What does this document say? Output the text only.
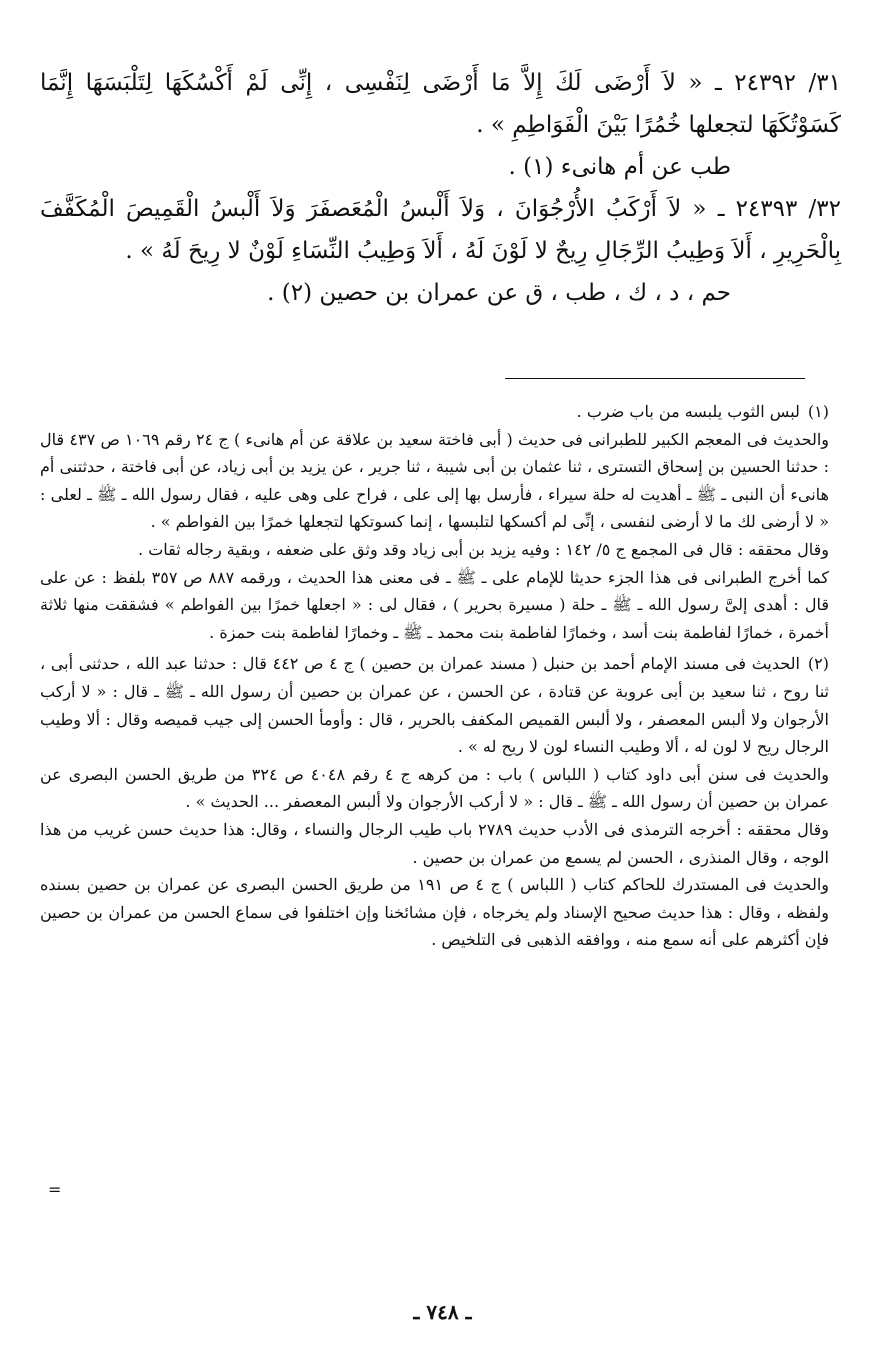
٣١/ ٢٤٣٩٢ ـ « لاَ أَرْضَى لَكَ إِلاَّ مَا أَرْضَى لِنَفْسِى ، إِنِّى لَمْ أَكْسُكَهَا لِتَلْبَسَهَا إِنَّمَا كَسَوْتُكَهَا لتجعلها خُمُرًا بَيْنَ الْفَوَاطِمِ » .

طب عن أم هانىء (١) .

٣٢/ ٢٤٣٩٣ ـ « لاَ أَرْكَبُ الأُرْجُوَانَ ، وَلاَ أَلْبسُ الْمُعَصفَرَ وَلاَ أَلْبسُ الْقَمِيصَ الْمُكَفَّفَ بِالْحَرِيرِ ، أَلاَ وَطِيبُ الرِّجَالِ رِيحٌ لا لَوْنَ لَهُ ، أَلاَ وَطِيبُ النِّسَاءِ لَوْنٌ لا رِيحَ لَهُ » .

حم ، د ، ك ، طب ، ق عن عمران بن حصين (٢) .

(١)لبس الثوب يلبسه من باب ضرب .

والحديث فى المعجم الكبير للطبرانى فى حديث ( أبى فاختة سعيد بن علاقة عن أم هانىء ) ج ٢٤ رقم ١٠٦٩ ص ٤٣٧ قال : حدثنا الحسين بن إسحاق التسترى ، ثنا عثمان بن أبى شيبة ، ثنا جرير ، عن يزيد بن أبى زياد، عن أبى فاختة ، حدثتنى أم هانىء أن النبى ـ ﷺ ـ أهديت له حلة سيراء ، فأرسل بها إلى على ، فراح على وهى عليه ، فقال رسول الله ـ ﷺ ـ لعلى : « لا أرضى لك ما لا أرضى لنفسى ، إنِّى لم أكسكها لتلبسها ، إنما كسوتكها لتجعلها خمرًا بين الفواطم » .

وقال محققه : قال فى المجمع ج ٥/ ١٤٢ : وفيه يزيد بن أبى زياد وقد وثق على ضعفه ، وبقية رجاله ثقات .

كما أخرج الطبرانى فى هذا الجزء حديثا للإمام على ـ ﷺ ـ فى معنى هذا الحديث ، ورقمه ٨٨٧ ص ٣٥٧ بلفظ : عن على قال : أهدى إلىَّ رسول الله ـ ﷺ ـ حلة ( مسيرة بحرير ) ، فقال لى : « اجعلها خمرًا بين الفواطم » فشققت منها ثلاثة أخمرة ، خمارًا لفاطمة بنت أسد ، وخمارًا لفاطمة بنت محمد ـ ﷺ ـ وخمارًا لفاطمة بنت حمزة .

(٢)الحديث فى مسند الإمام أحمد بن حنبل ( مسند عمران بن حصين ) ج ٤ ص ٤٤٢ قال : حدثنا عبد الله ، حدثنى أبى ، ثنا روح ، ثنا سعيد بن أبى عروبة عن قتادة ، عن الحسن ، عن عمران بن حصين أن رسول الله ـ ﷺ ـ قال : « لا أركب الأرجوان ولا ألبس المعصفر ، ولا ألبس القميص المكفف بالحرير ، قال : وأومأ الحسن إلى جيب قميصه وقال : ألا وطيب الرجال ريح لا لون له ، ألا وطيب النساء لون لا ريح له » .

والحديث فى سنن أبى داود كتاب ( اللباس ) باب : من كرهه ج ٤ رقم ٤٠٤٨ ص ٣٢٤ من طريق الحسن البصرى عن عمران بن حصين أن رسول الله ـ ﷺ ـ قال : « لا أركب الأرجوان ولا ألبس المعصفر ... الحديث » .

وقال محققه : أخرجه الترمذى فى الأدب حديث ٢٧٨٩ باب طيب الرجال والنساء ، وقال: هذا حديث حسن غريب من هذا الوجه ، وقال المنذرى ، الحسن لم يسمع من عمران بن حصين .

والحديث فى المستدرك للحاكم كتاب ( اللباس ) ج ٤ ص ١٩١ من طريق الحسن البصرى عن عمران بن حصين بسنده ولفظه ، وقال : هذا حديث صحيح الإسناد ولم يخرجاه ، فإن مشائخنا وإن اختلفوا فى سماع الحسن من عمران بن حصين فإن أكثرهم على أنه سمع منه ، ووافقه الذهبى فى التلخيص .

=
ـ ٧٤٨ ـ
